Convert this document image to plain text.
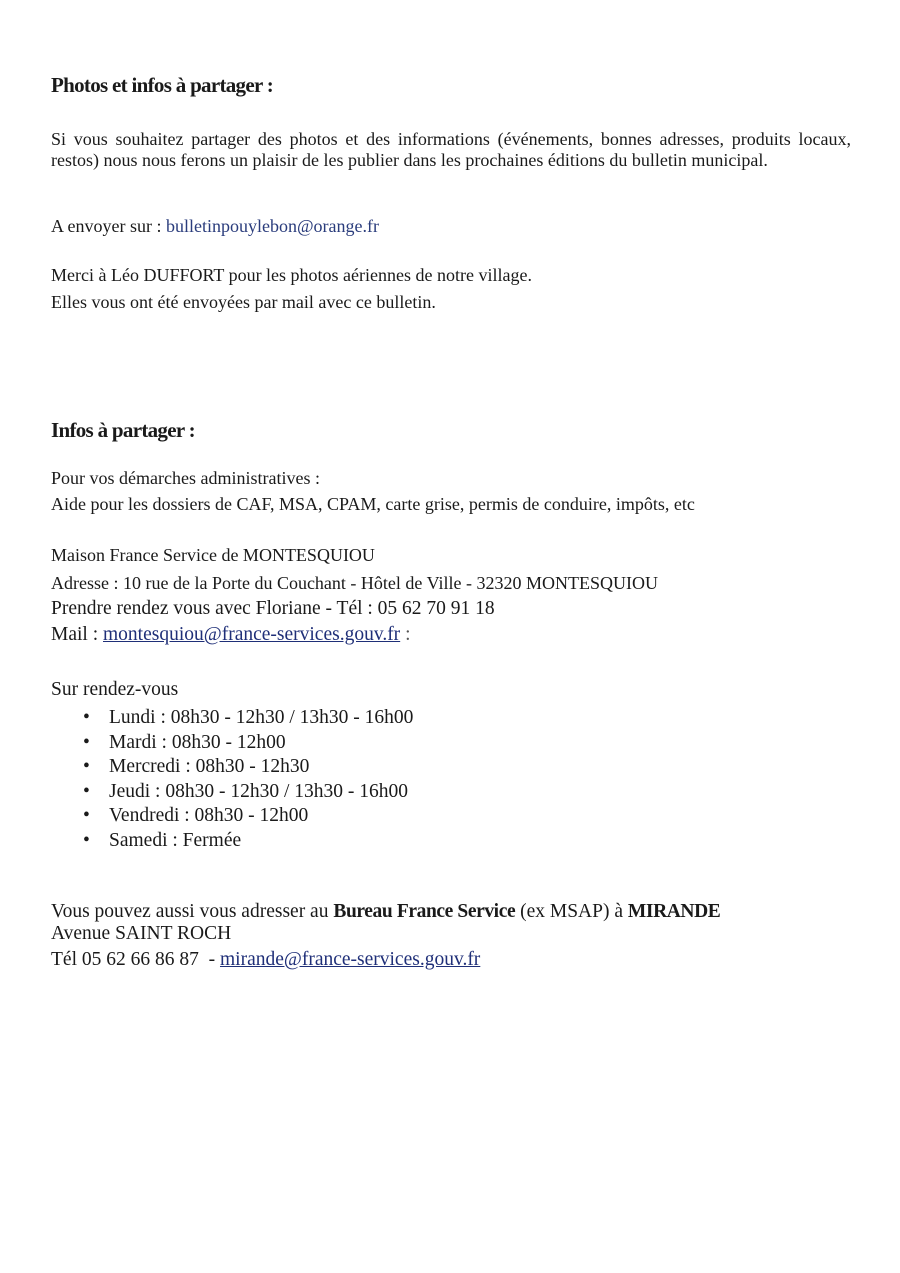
Photos et infos à partager :
Si vous souhaitez partager des photos et des informations (événements, bonnes adresses, produits locaux, restos) nous nous ferons un plaisir de les publier dans les prochaines éditions du bulletin municipal.
A envoyer sur : bulletinpouylebon@orange.fr
Merci à Léo DUFFORT pour les photos aériennes de notre village.
Elles vous ont été envoyées par mail avec ce bulletin.
Infos à partager :
Pour vos démarches administratives :
Aide pour les dossiers de CAF, MSA, CPAM, carte grise, permis de conduire, impôts, etc
Maison France Service de MONTESQUIOU
Adresse : 10 rue de la Porte du Couchant - Hôtel de Ville - 32320 MONTESQUIOU
Prendre rendez vous avec Floriane - Tél : 05 62 70 91 18
Mail : montesquiou@france-services.gouv.fr :
Sur rendez-vous
• Lundi : 08h30 - 12h30 / 13h30 - 16h00
• Mardi : 08h30 - 12h00
• Mercredi : 08h30 - 12h30
• Jeudi : 08h30 - 12h30 / 13h30 - 16h00
• Vendredi : 08h30 - 12h00
• Samedi : Fermée
Vous pouvez aussi vous adresser au Bureau France Service (ex MSAP) à MIRANDE
Avenue SAINT ROCH
Tél 05 62 66 86 87  - mirande@france-services.gouv.fr
